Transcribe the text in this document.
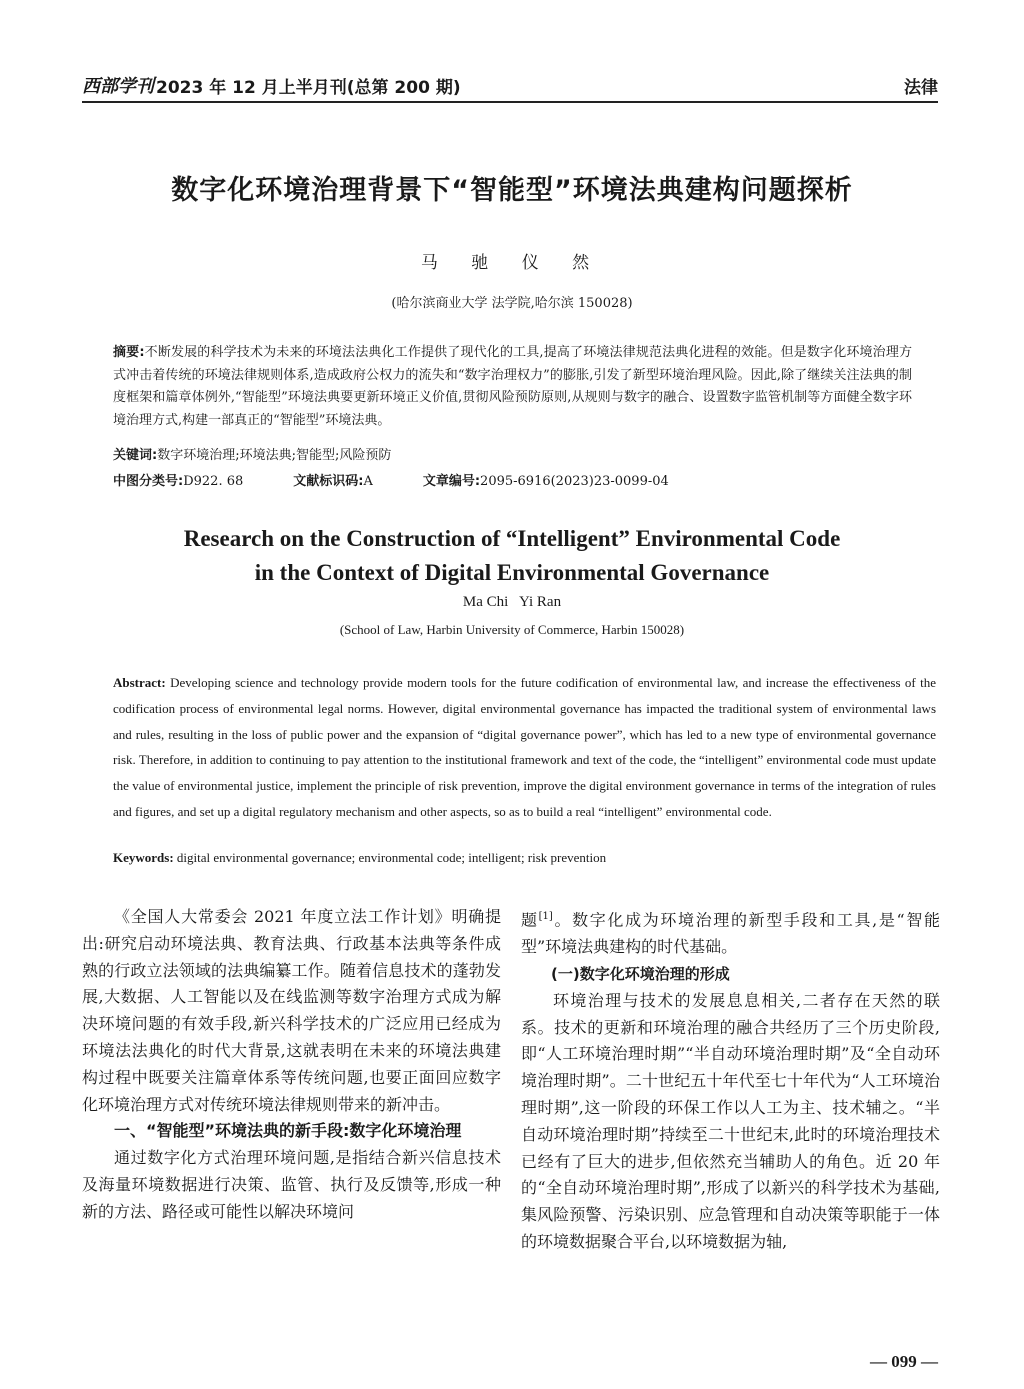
西部学刊 2023 年 12 月上半月刊(总第 200 期)	法律
数字化环境治理背景下“智能型”环境法典建构问题探析
马 驰 仪 然
(哈尔滨商业大学 法学院,哈尔滨 150028)
摘要:不断发展的科学技术为未来的环境法法典化工作提供了现代化的工具,提高了环境法律规范法典化进程的效能。但是数字化环境治理方式冲击着传统的环境法律规则体系,造成政府公权力的流失和“数字治理权力”的膨胀,引发了新型环境治理风险。因此,除了继续关注法典的制度框架和篇章体例外,“智能型”环境法典要更新环境正义价值,贯彻风险预防原则,从规则与数字的融合、设置数字监管机制等方面健全数字环境治理方式,构建一部真正的“智能型”环境法典。
关键词:数字环境治理;环境法典;智能型;风险预防
中图分类号:D922. 68	文献标识码:A	文章编号:2095-6916(2023)23-0099-04
Research on the Construction of “Intelligent” Environmental Code
in the Context of Digital Environmental Governance
Ma Chi   Yi Ran
(School of Law, Harbin University of Commerce, Harbin 150028)
Abstract: Developing science and technology provide modern tools for the future codification of environmental law, and increase the effectiveness of the codification process of environmental legal norms. However, digital environmental governance has impacted the traditional system of environmental laws and rules, resulting in the loss of public power and the expansion of “digital governance power”, which has led to a new type of environmental governance risk. Therefore, in addition to continuing to pay attention to the institutional framework and text of the code, the “intelligent” environmental code must update the value of environmental justice, implement the principle of risk prevention, improve the digital environment governance in terms of the integration of rules and figures, and set up a digital regulatory mechanism and other aspects, so as to build a real “intelligent” environmental code.
Keywords: digital environmental governance; environmental code; intelligent; risk prevention

《全国人大常委会 2021 年度立法工作计划》明确提出:研究启动环境法典、教育法典、行政基本法典等条件成熟的行政立法领域的法典编纂工作。随着信息技术的蓬勃发展,大数据、人工智能以及在线监测等数字治理方式成为解决环境问题的有效手段,新兴科学技术的广泛应用已经成为环境法法典化的时代大背景,这就表明在未来的环境法典建构过程中既要关注篇章体系等传统问题,也要正面回应数字化环境治理方式对传统环境法律规则带来的新冲击。

一、“智能型”环境法典的新手段:数字化环境治理

通过数字化方式治理环境问题,是指结合新兴信息技术及海量环境数据进行决策、监管、执行及反馈等,形成一种新的方法、路径或可能性以解决环境问

题[1]。数字化成为环境治理的新型手段和工具,是“智能型”环境法典建构的时代基础。

(一)数字化环境治理的形成

环境治理与技术的发展息息相关,二者存在天然的联系。技术的更新和环境治理的融合共经历了三个历史阶段,即“人工环境治理时期”“半自动环境治理时期”及“全自动环境治理时期”。二十世纪五十年代至七十年代为“人工环境治理时期”,这一阶段的环保工作以人工为主、技术辅之。“半自动环境治理时期”持续至二十世纪末,此时的环境治理技术已经有了巨大的进步,但依然充当辅助人的角色。近 20 年的“全自动环境治理时期”,形成了以新兴的科学技术为基础,集风险预警、污染识别、应急管理和自动决策等职能于一体的环境数据聚合平台,以环境数据为轴,

— 099 —
